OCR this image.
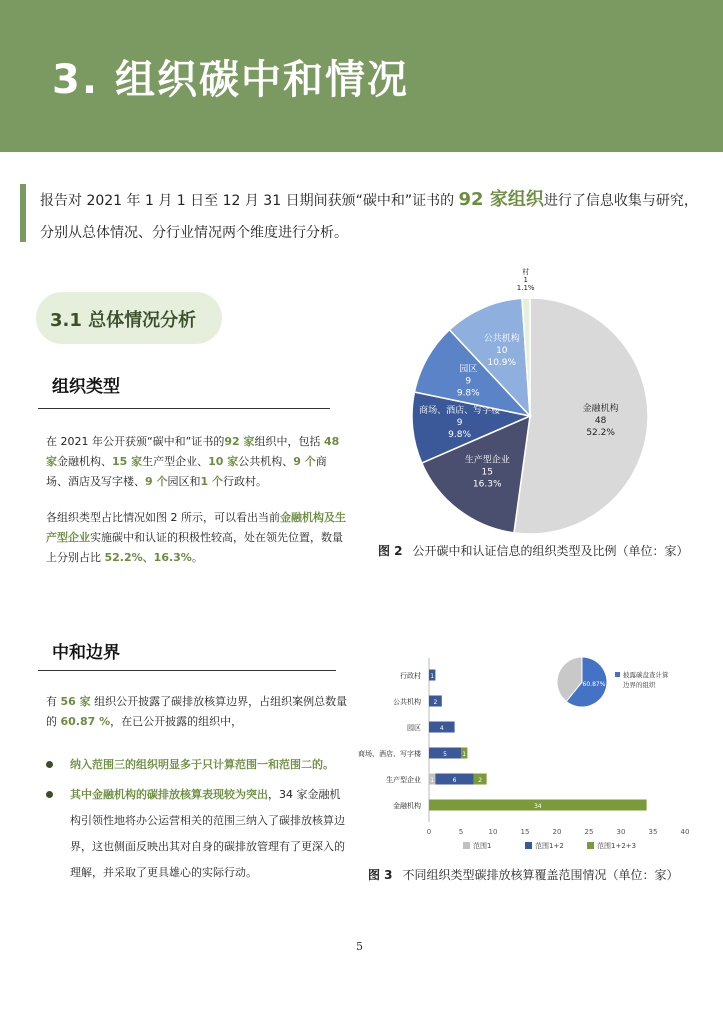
3. 组织碳中和情况
报告对 2021 年 1 月 1 日至 12 月 31 日期间获颁“碳中和”证书的 92 家组织进行了信息收集与研究，分别从总体情况、分行业情况两个维度进行分析。
3.1 总体情况分析
组织类型
在 2021 年公开获颁“碳中和”证书的92 家组织中，包括 48 家金融机构、15 家生产型企业、10 家公共机构、9 个商场、酒店及写字楼、9 个园区和1 个行政村。
各组织类型占比情况如图 2 所示，可以看出当前金融机构及生产型企业实施碳中和认证的积极性较高，处在领先位置，数量上分别占比 52.2%、16.3%。
金融机构
48
52.2%
生产型企业
15
16.3%
商场、酒店、写字楼
9
9.8%
园区
9
9.8%
公共机构
10
10.9%
村
1
1.1%
图 2 公开碳中和认证信息的组织类型及比例（单位：家）
中和边界
有 56 家 组织公开披露了碳排放核算边界，占组织案例总数量的 60.87 %，在已公开披露的组织中，
纳入范围三的组织明显多于只计算范围一和范围二的。
其中金融机构的碳排放核算表现较为突出，34 家金融机构引领性地将办公运营相关的范围三纳入了碳排放核算边界，这也侧面反映出其对自身的碳排放管理有了更深入的理解，并采取了更具雄心的实际行动。
0	5	10	15	20	25	30	35	40
行政村 1
公共机构 2
园区	4
商场、酒店、写字楼	5	1
生产型企业 1	6	2
金融机构	34
范围1	范围1+2	范围1+2+3
60.87%
披露碳盘查计算
边界的组织
图 3 不同组织类型碳排放核算覆盖范围情况（单位：家）
5
